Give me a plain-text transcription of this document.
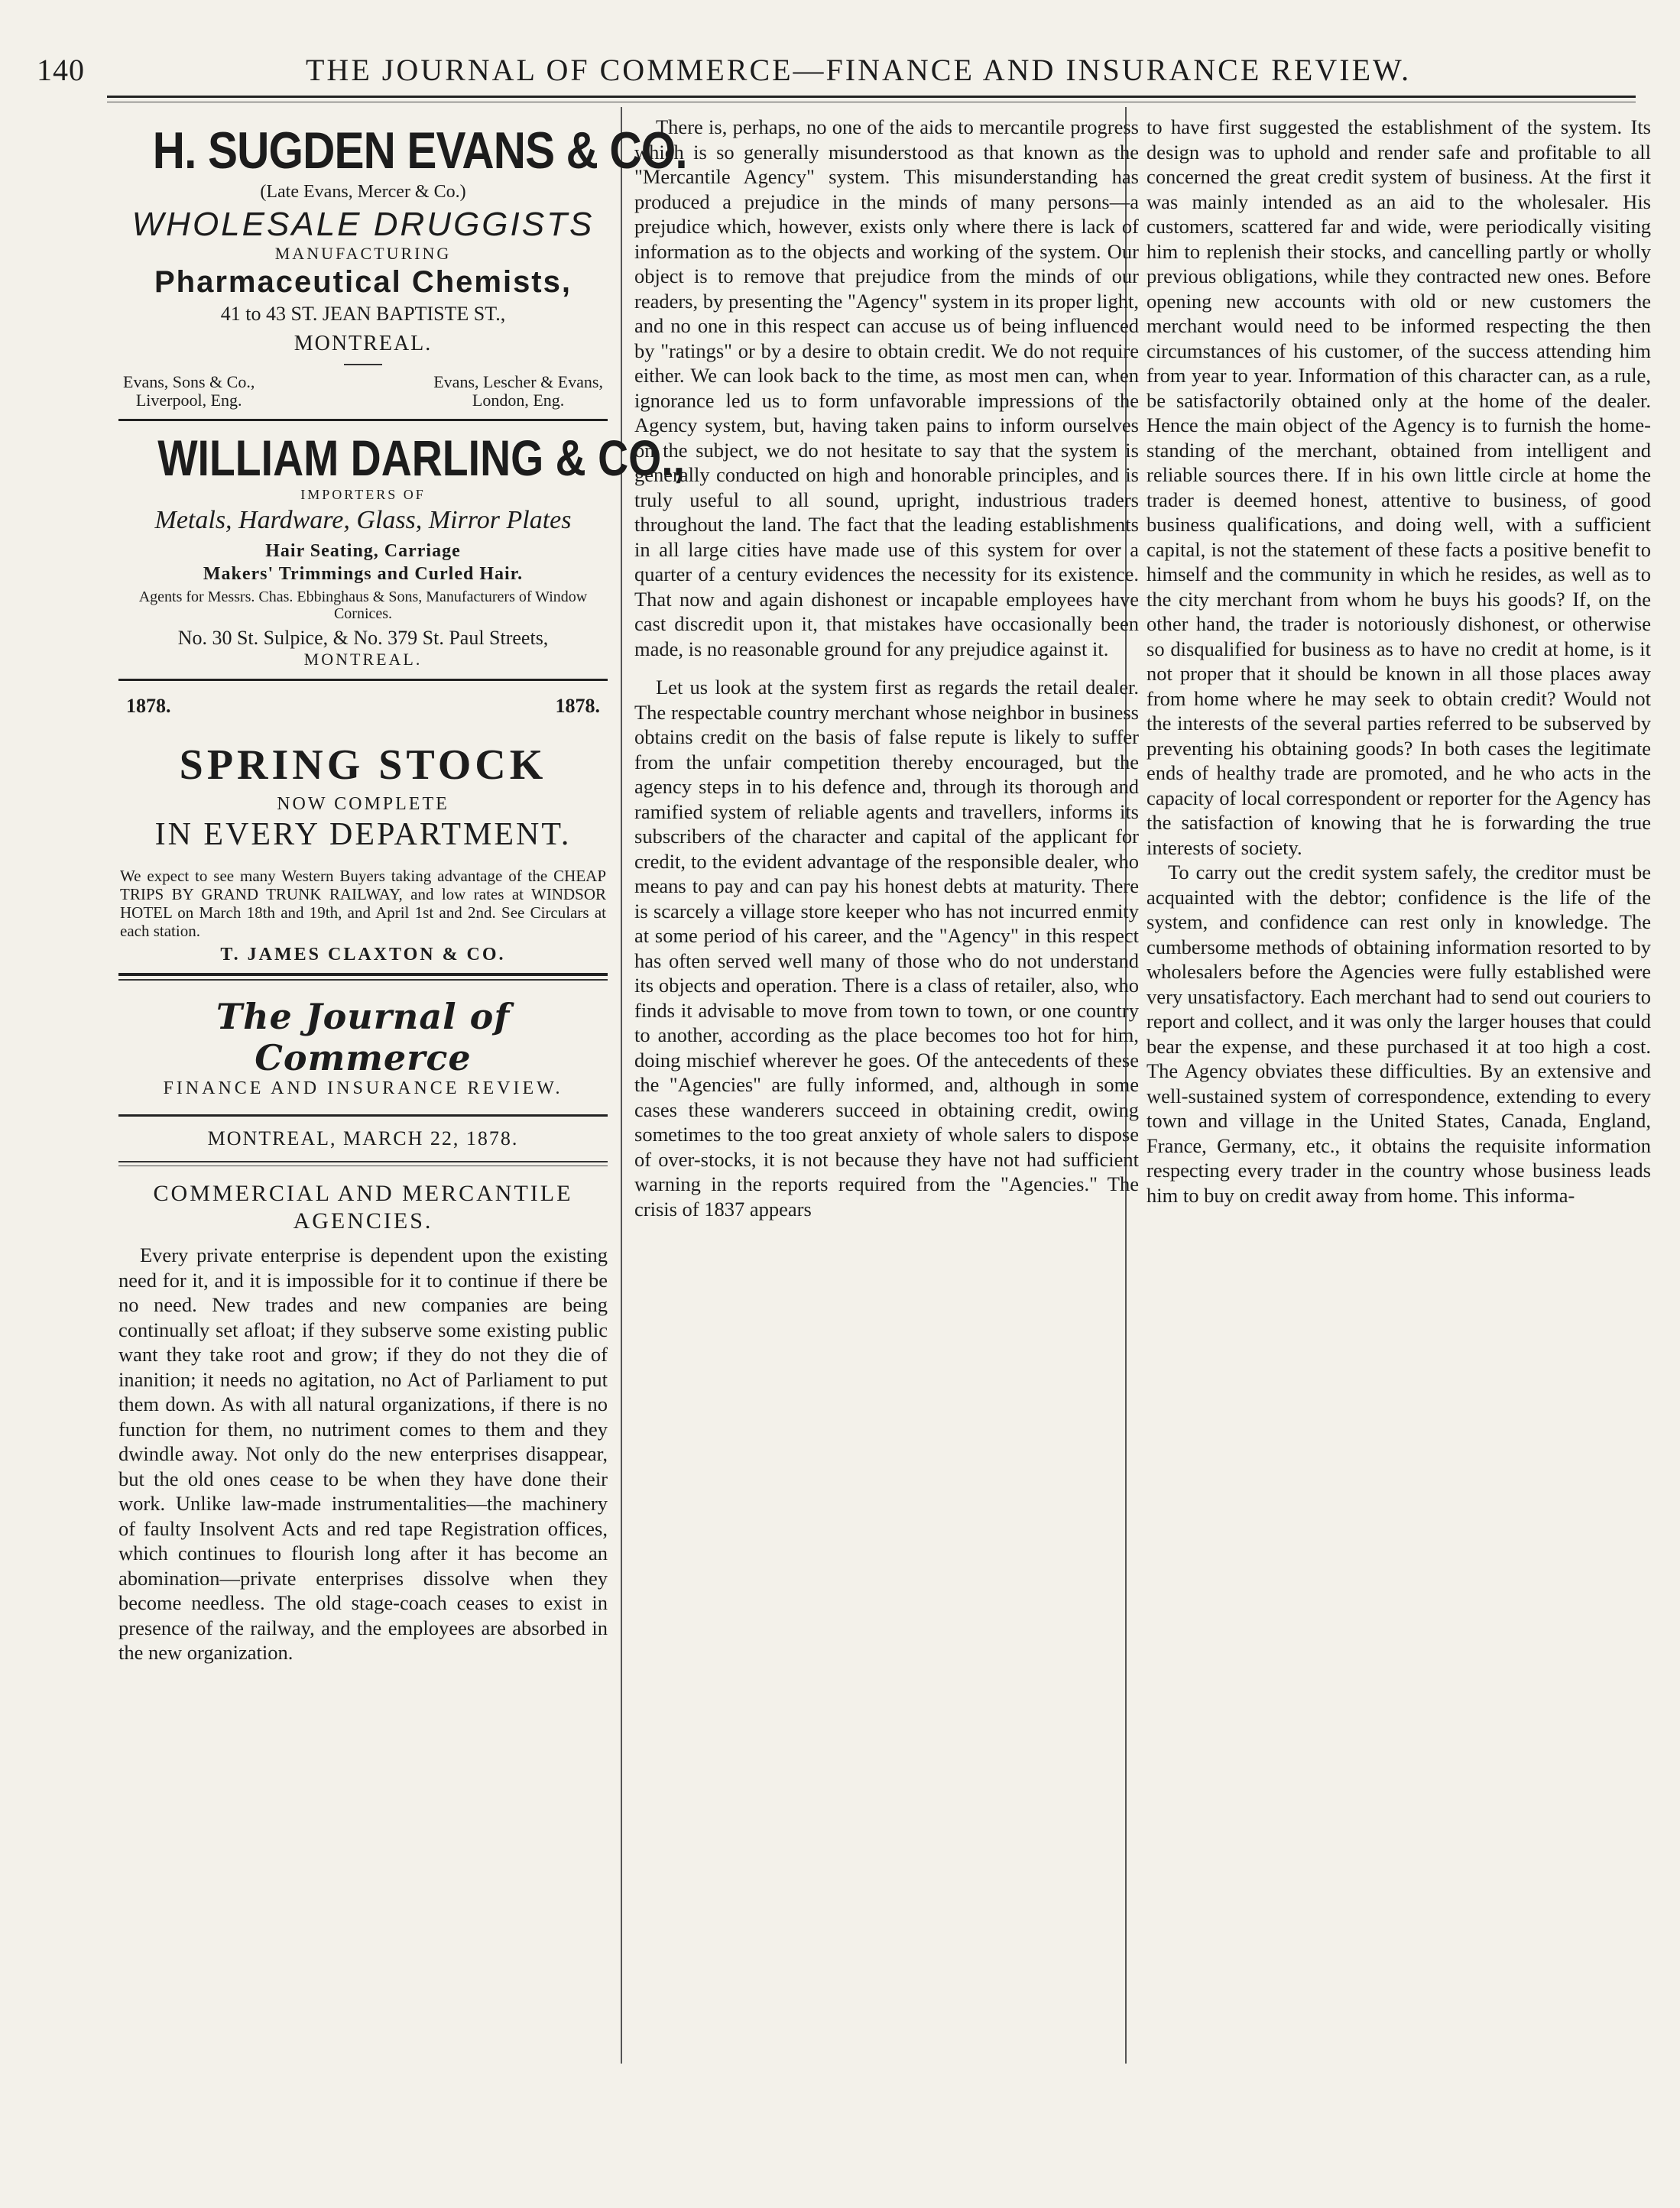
140	THE JOURNAL OF COMMERCE—FINANCE AND INSURANCE REVIEW.
H. SUGDEN EVANS & CO.
(Late Evans, Mercer & Co.)
WHOLESALE DRUGGISTS
MANUFACTURING
Pharmaceutical Chemists,
41 to 43 ST. JEAN BAPTISTE ST.,
MONTREAL.
Evans, Sons & Co.,
Liverpool, Eng.
Evans, Lescher & Evans,
London, Eng.
WILLIAM DARLING & CO.,
IMPORTERS OF
Metals, Hardware, Glass, Mirror Plates
Hair Seating, Carriage
Makers' Trimmings and Curled Hair.
Agents for Messrs. Chas. Ebbinghaus & Sons, Manufacturers of Window Cornices.
No. 30 St. Sulpice, & No. 379 St. Paul Streets,
MONTREAL.
1878.	1878.
SPRING STOCK
NOW COMPLETE
IN EVERY DEPARTMENT.
We expect to see many Western Buyers taking advantage of the CHEAP TRIPS BY GRAND TRUNK RAILWAY, and low rates at WINDSOR HOTEL on March 18th and 19th, and April 1st and 2nd. See Circulars at each station.
T. JAMES CLAXTON & CO.
The Journal of Commerce
FINANCE AND INSURANCE REVIEW.
MONTREAL, MARCH 22, 1878.
COMMERCIAL AND MERCANTILE AGENCIES.

Every private enterprise is dependent upon the existing need for it, and it is impossible for it to continue if there be no need. New trades and new companies are being continually set afloat; if they subserve some existing public want they take root and grow; if they do not they die of inanition; it needs no agitation, no Act of Parliament to put them down. As with all natural organizations, if there is no function for them, no nutriment comes to them and they dwindle away. Not only do the new enterprises disappear, but the old ones cease to be when they have done their work. Unlike law-made instrumentalities—the machinery of faulty Insolvent Acts and red tape Registration offices, which continues to flourish long after it has become an abomination—private enterprises dissolve when they become needless. The old stage-coach ceases to exist in presence of the railway, and the employees are absorbed in the new organization.

There is, perhaps, no one of the aids to mercantile progress which is so generally misunderstood as that known as the "Mercantile Agency" system. This misunderstanding has produced a prejudice in the minds of many persons—a prejudice which, however, exists only where there is lack of information as to the objects and working of the system. Our object is to remove that prejudice from the minds of our readers, by presenting the "Agency" system in its proper light, and no one in this respect can accuse us of being influenced by "ratings" or by a desire to obtain credit. We do not require either. We can look back to the time, as most men can, when ignorance led us to form unfavorable impressions of the Agency system, but, having taken pains to inform ourselves on the subject, we do not hesitate to say that the system is generally conducted on high and honorable principles, and is truly useful to all sound, upright, industrious traders throughout the land. The fact that the leading establishments in all large cities have made use of this system for over a quarter of a century evidences the necessity for its existence. That now and again dishonest or incapable employees have cast discredit upon it, that mistakes have occasionally been made, is no reasonable ground for any prejudice against it.

Let us look at the system first as regards the retail dealer. The respectable country merchant whose neighbor in business obtains credit on the basis of false repute is likely to suffer from the unfair competition thereby encouraged, but the agency steps in to his defence and, through its thorough and ramified system of reliable agents and travellers, informs its subscribers of the character and capital of the applicant for credit, to the evident advantage of the responsible dealer, who means to pay and can pay his honest debts at maturity. There is scarcely a village store keeper who has not incurred enmity at some period of his career, and the "Agency" in this respect has often served well many of those who do not understand its objects and operation. There is a class of retailer, also, who finds it advisable to move from town to town, or one country to another, according as the place becomes too hot for him, doing mischief wherever he goes. Of the antecedents of these the "Agencies" are fully informed, and, although in some cases these wanderers succeed in obtaining credit, owing sometimes to the too great anxiety of whole salers to dispose of over-stocks, it is not because they have not had sufficient warning in the reports required from the "Agencies." The crisis of 1837 appears

to have first suggested the establishment of the system. Its design was to uphold and render safe and profitable to all concerned the great credit system of business. At the first it was mainly intended as an aid to the wholesaler. His customers, scattered far and wide, were periodically visiting him to replenish their stocks, and cancelling partly or wholly previous obligations, while they contracted new ones. Before opening new accounts with old or new customers the merchant would need to be informed respecting the then circumstances of his customer, of the success attending him from year to year. Information of this character can, as a rule, be satisfactorily obtained only at the home of the dealer. Hence the main object of the Agency is to furnish the home-standing of the merchant, obtained from intelligent and reliable sources there. If in his own little circle at home the trader is deemed honest, attentive to business, of good business qualifications, and doing well, with a sufficient capital, is not the statement of these facts a positive benefit to himself and the community in which he resides, as well as to the city merchant from whom he buys his goods? If, on the other hand, the trader is notoriously dishonest, or otherwise so disqualified for business as to have no credit at home, is it not proper that it should be known in all those places away from home where he may seek to obtain credit? Would not the interests of the several parties referred to be subserved by preventing his obtaining goods? In both cases the legitimate ends of healthy trade are promoted, and he who acts in the capacity of local correspondent or reporter for the Agency has the satisfaction of knowing that he is forwarding the true interests of society.

To carry out the credit system safely, the creditor must be acquainted with the debtor; confidence is the life of the system, and confidence can rest only in knowledge. The cumbersome methods of obtaining information resorted to by wholesalers before the Agencies were fully established were very unsatisfactory. Each merchant had to send out couriers to report and collect, and it was only the larger houses that could bear the expense, and these purchased it at too high a cost. The Agency obviates these difficulties. By an extensive and well-sustained system of correspondence, extending to every town and village in the United States, Canada, England, France, Germany, etc., it obtains the requisite information respecting every trader in the country whose business leads him to buy on credit away from home. This informa-
